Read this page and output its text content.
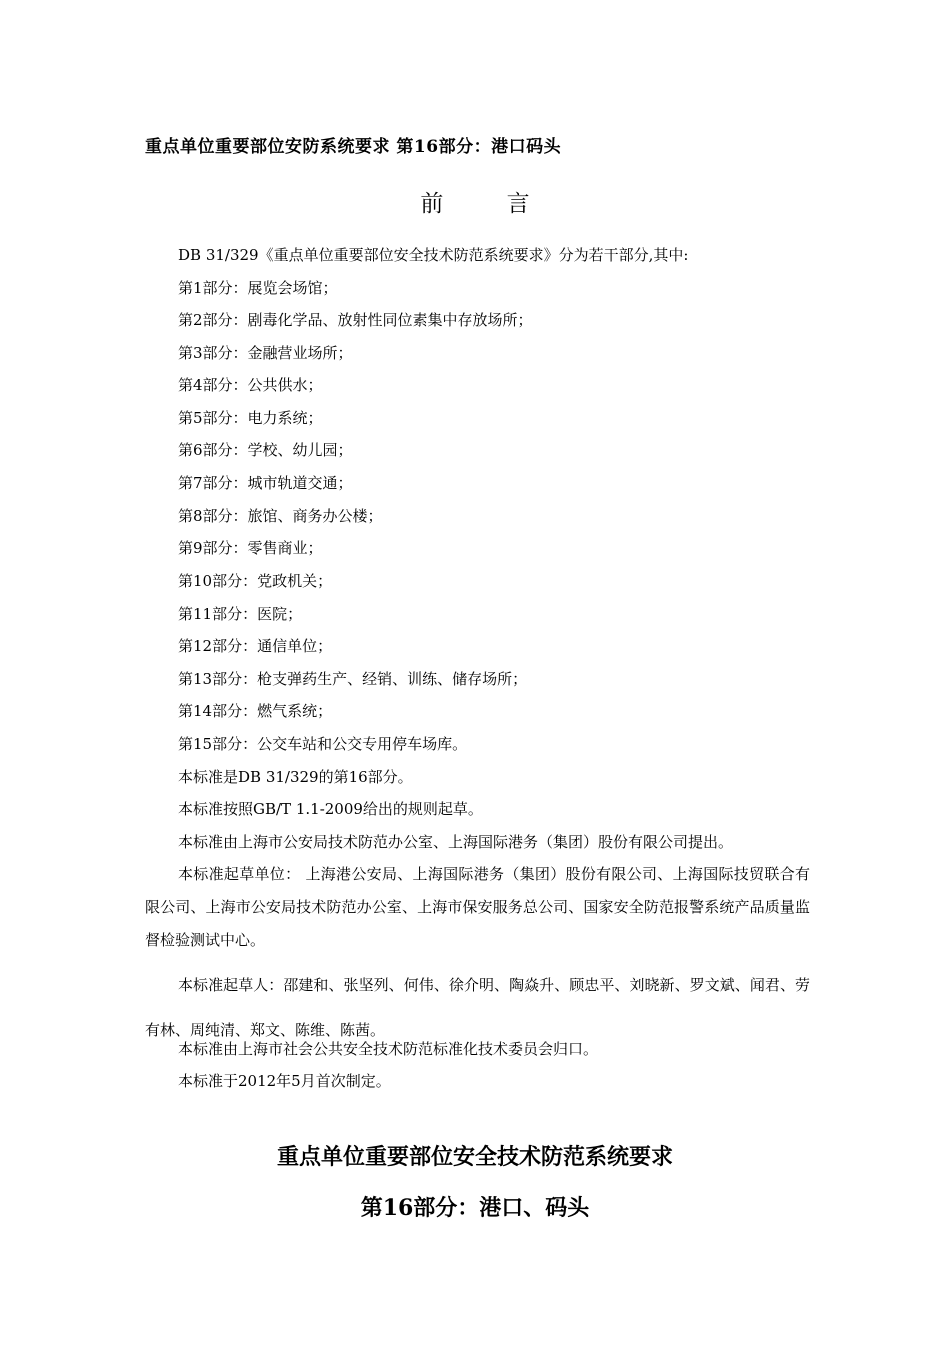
重点单位重要部位安防系统要求 第16部分：港口码头
前 言
DB 31/329《重点单位重要部位安全技术防范系统要求》分为若干部分,其中:
第1部分：展览会场馆；
第2部分：剧毒化学品、放射性同位素集中存放场所；
第3部分：金融营业场所；
第4部分：公共供水；
第5部分：电力系统；
第6部分：学校、幼儿园；
第7部分：城市轨道交通；
第8部分：旅馆、商务办公楼；
第9部分：零售商业；
第10部分：党政机关；
第11部分：医院；
第12部分：通信单位；
第13部分：枪支弹药生产、经销、训练、储存场所；
第14部分：燃气系统；
第15部分：公交车站和公交专用停车场库。
本标准是DB 31/329的第16部分。
本标准按照GB/T 1.1-2009给出的规则起草。
本标准由上海市公安局技术防范办公室、上海国际港务（集团）股份有限公司提出。
本标准起草单位： 上海港公安局、上海国际港务（集团）股份有限公司、上海国际技贸联合有限公司、上海市公安局技术防范办公室、上海市保安服务总公司、国家安全防范报警系统产品质量监督检验测试中心。
本标准起草人：邵建和、张坚列、何伟、徐介明、陶焱升、顾忠平、刘晓新、罗文斌、闻君、劳有林、周纯清、郑文、陈维、陈茜。
本标准由上海市社会公共安全技术防范标准化技术委员会归口。
本标准于2012年5月首次制定。
重点单位重要部位安全技术防范系统要求
第16部分：港口、码头
